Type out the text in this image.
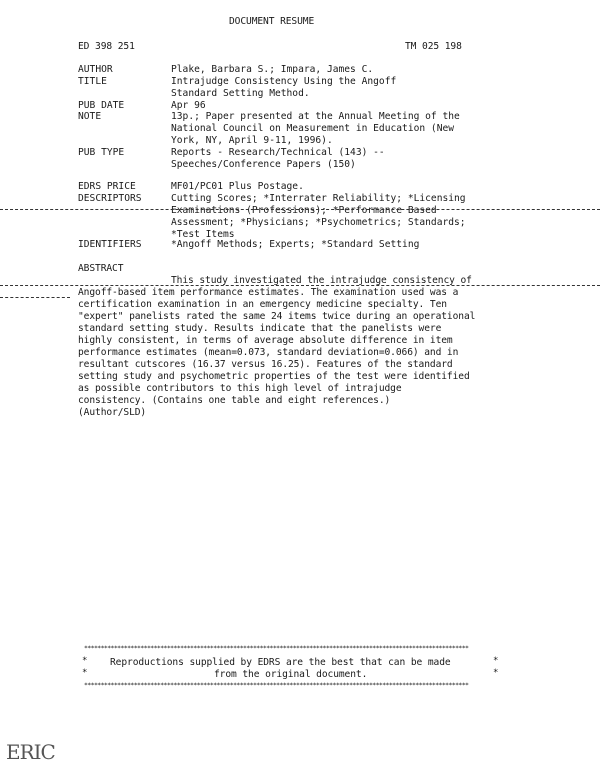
DOCUMENT RESUME
ED 398 251	TM 025 198
AUTHOR	Plake, Barbara S.; Impara, James C.
TITLE	Intrajudge Consistency Using the Angoff
Standard Setting Method.
PUB DATE	Apr 96
NOTE	13p.; Paper presented at the Annual Meeting of the
National Council on Measurement in Education (New
York, NY, April 9-11, 1996).
PUB TYPE	Reports - Research/Technical (143) --
Speeches/Conference Papers (150)
EDRS PRICE	MF01/PC01 Plus Postage.
DESCRIPTORS	Cutting Scores; *Interrater Reliability; *Licensing
Examinations (Professions); *Performance Based
Assessment; *Physicians; *Psychometrics; Standards;
*Test Items
IDENTIFIERS	*Angoff Methods; Experts; *Standard Setting
ABSTRACT
This study investigated the intrajudge consistency of
Angoff-based item performance estimates. The examination used was a
certification examination in an emergency medicine specialty. Ten
"expert" panelists rated the same 24 items twice during an operational
standard setting study. Results indicate that the panelists were
highly consistent, in terms of average absolute difference in item
performance estimates (mean=0.073, standard deviation=0.066) and in
resultant cutscores (16.37 versus 16.25). Features of the standard
setting study and psychometric properties of the test were identified
as possible contributors to this high level of intrajudge
consistency. (Contains one table and eight references.)
(Author/SLD)
********************************************************************************************************************
*
*
*
*
Reproductions supplied by EDRS are the best that can be made
from the original document.
********************************************************************************************************************
ERIC
